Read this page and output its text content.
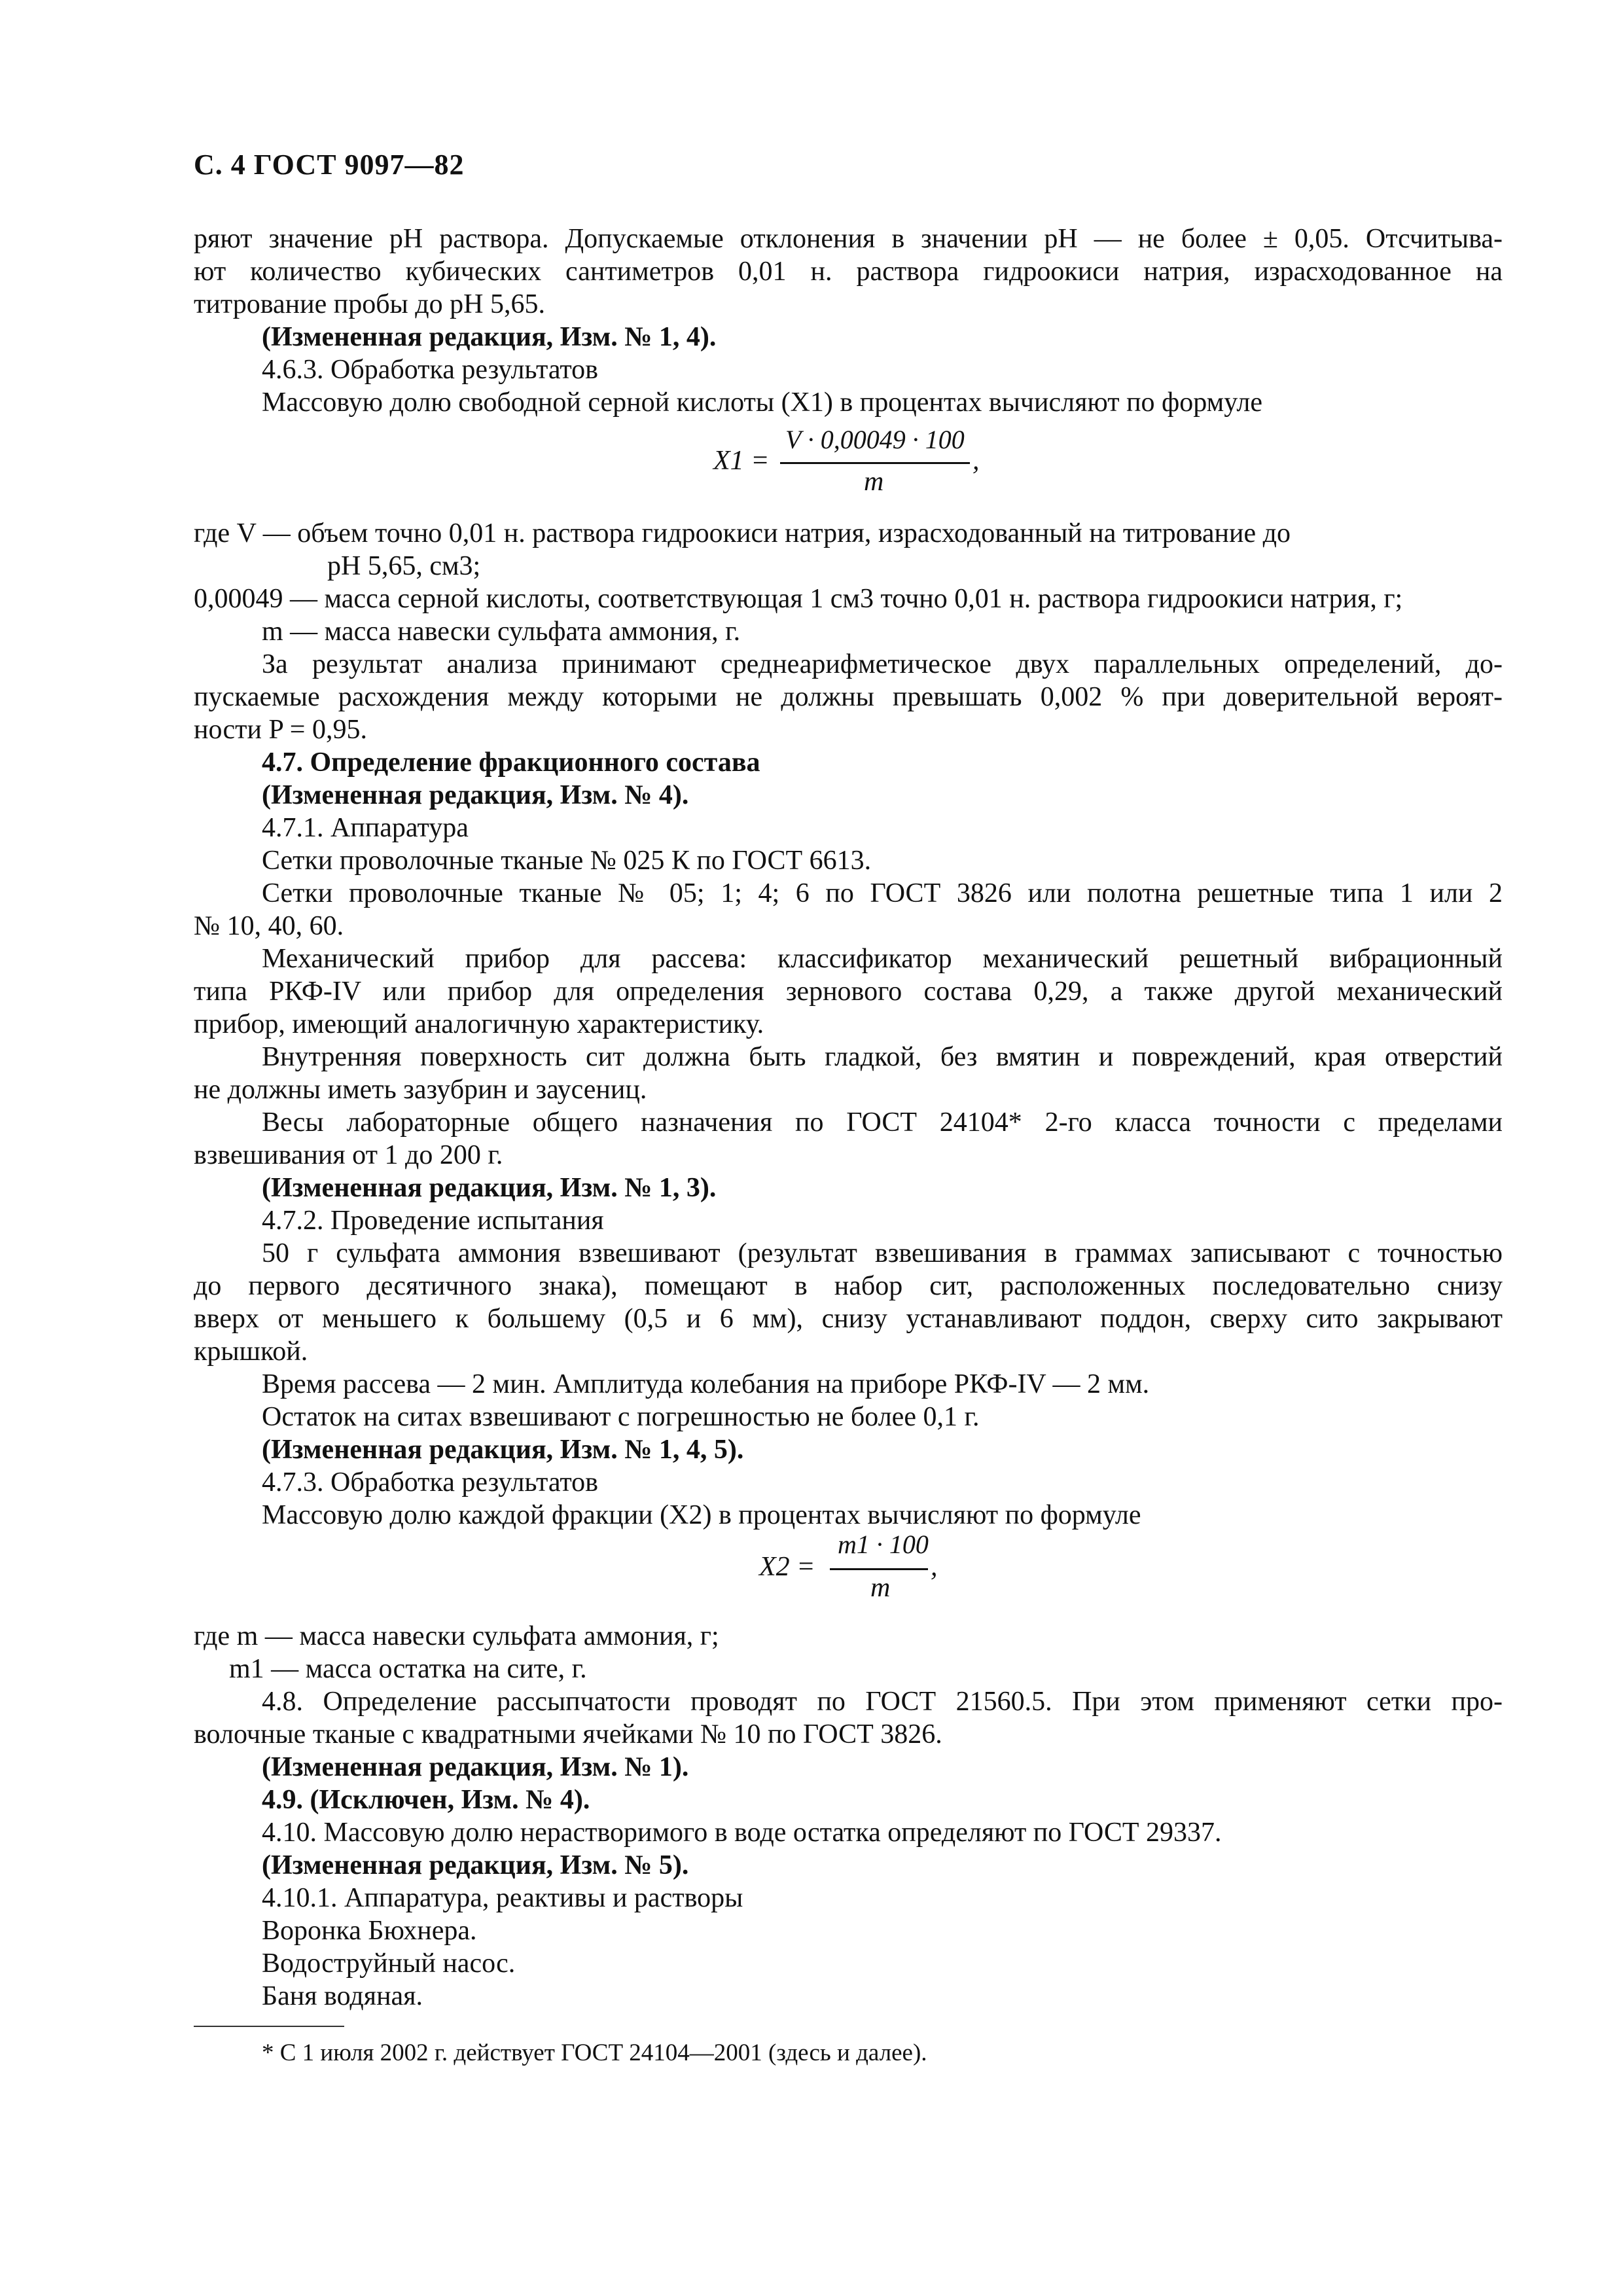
С. 4 ГОСТ 9097—82
ряют значение рН раствора. Допускаемые отклонения в значении рН — не более ± 0,05. Отсчитыва-
ют количество кубических сантиметров 0,01 н. раствора гидроокиси натрия, израсходованное на
титрование пробы до рН 5,65.
(Измененная редакция, Изм. № 1, 4).
4.6.3. Обработка результатов
Массовую долю свободной серной кислоты (X1) в процентах вычисляют по формуле
X1 =
V · 0,00049 · 100
m
,
где V — объем точно 0,01 н. раствора гидроокиси натрия, израсходованный на титрование до
рН 5,65, см3;
0,00049 — масса серной кислоты, соответствующая 1 см3 точно 0,01 н. раствора гидроокиси натрия, г;
m — масса навески сульфата аммония, г.
За результат анализа принимают среднеарифметическое двух параллельных определений, до-
пускаемые расхождения между которыми не должны превышать 0,002 % при доверительной вероят-
ности P = 0,95.
4.7. Определение фракционного состава
(Измененная редакция, Изм. № 4).
4.7.1. Аппаратура
Сетки проволочные тканые № 025 К по ГОСТ 6613.
Сетки проволочные тканые № 05; 1; 4; 6 по ГОСТ 3826 или полотна решетные типа 1 или 2
№ 10, 40, 60.
Механический прибор для рассева: классификатор механический решетный вибрационный
типа РКФ-IV или прибор для определения зернового состава 0,29, а также другой механический
прибор, имеющий аналогичную характеристику.
Внутренняя поверхность сит должна быть гладкой, без вмятин и повреждений, края отверстий
не должны иметь зазубрин и заусениц.
Весы лабораторные общего назначения по ГОСТ 24104* 2-го класса точности с пределами
взвешивания от 1 до 200 г.
(Измененная редакция, Изм. № 1, 3).
4.7.2. Проведение испытания
50 г сульфата аммония взвешивают (результат взвешивания в граммах записывают с точностью
до первого десятичного знака), помещают в набор сит, расположенных последовательно снизу
вверх от меньшего к большему (0,5 и 6 мм), снизу устанавливают поддон, сверху сито закрывают
крышкой.
Время рассева — 2 мин. Амплитуда колебания на приборе РКФ-IV — 2 мм.
Остаток на ситах взвешивают с погрешностью не более 0,1 г.
(Измененная редакция, Изм. № 1, 4, 5).
4.7.3. Обработка результатов
Массовую долю каждой фракции (X2) в процентах вычисляют по формуле
X2 =
m1 · 100
m
,
где m — масса навески сульфата аммония, г;
m1 — масса остатка на сите, г.
4.8. Определение рассыпчатости проводят по ГОСТ 21560.5. При этом применяют сетки про-
волочные тканые с квадратными ячейками № 10 по ГОСТ 3826.
(Измененная редакция, Изм. № 1).
4.9. (Исключен, Изм. № 4).
4.10. Массовую долю нерастворимого в воде остатка определяют по ГОСТ 29337.
(Измененная редакция, Изм. № 5).
4.10.1. Аппаратура, реактивы и растворы
Воронка Бюхнера.
Водоструйный насос.
Баня водяная.
* С 1 июля 2002 г. действует ГОСТ 24104—2001 (здесь и далее).
